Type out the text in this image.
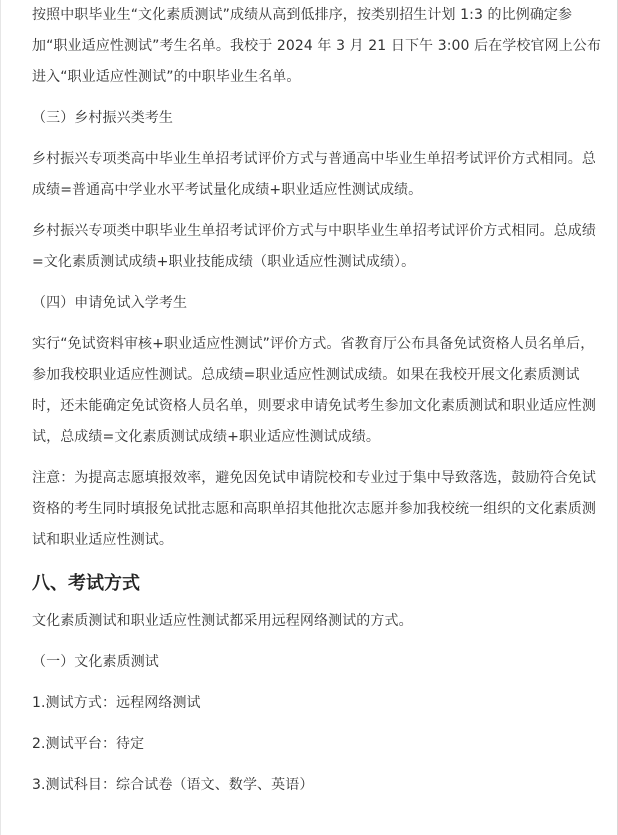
按照中职毕业生“文化素质测试”成绩从高到低排序，按类别招生计划 1:3 的比例确定参加“职业适应性测试”考生名单。我校于 2024 年 3 月 21 日下午 3:00 后在学校官网上公布进入“职业适应性测试”的中职毕业生名单。

（三）乡村振兴类考生

乡村振兴专项类高中毕业生单招考试评价方式与普通高中毕业生单招考试评价方式相同。总成绩=普通高中学业水平考试量化成绩+职业适应性测试成绩。

乡村振兴专项类中职毕业生单招考试评价方式与中职毕业生单招考试评价方式相同。总成绩=文化素质测试成绩+职业技能成绩（职业适应性测试成绩）。

（四）申请免试入学考生

实行“免试资料审核+职业适应性测试”评价方式。省教育厅公布具备免试资格人员名单后，参加我校职业适应性测试。总成绩=职业适应性测试成绩。如果在我校开展文化素质测试时，还未能确定免试资格人员名单，则要求申请免试考生参加文化素质测试和职业适应性测试，总成绩=文化素质测试成绩+职业适应性测试成绩。

注意：为提高志愿填报效率，避免因免试申请院校和专业过于集中导致落选，鼓励符合免试资格的考生同时填报免试批志愿和高职单招其他批次志愿并参加我校统一组织的文化素质测试和职业适应性测试。

八、考试方式

文化素质测试和职业适应性测试都采用远程网络测试的方式。

（一）文化素质测试

1.测试方式：远程网络测试

2.测试平台：待定

3.测试科目：综合试卷（语文、数学、英语）
